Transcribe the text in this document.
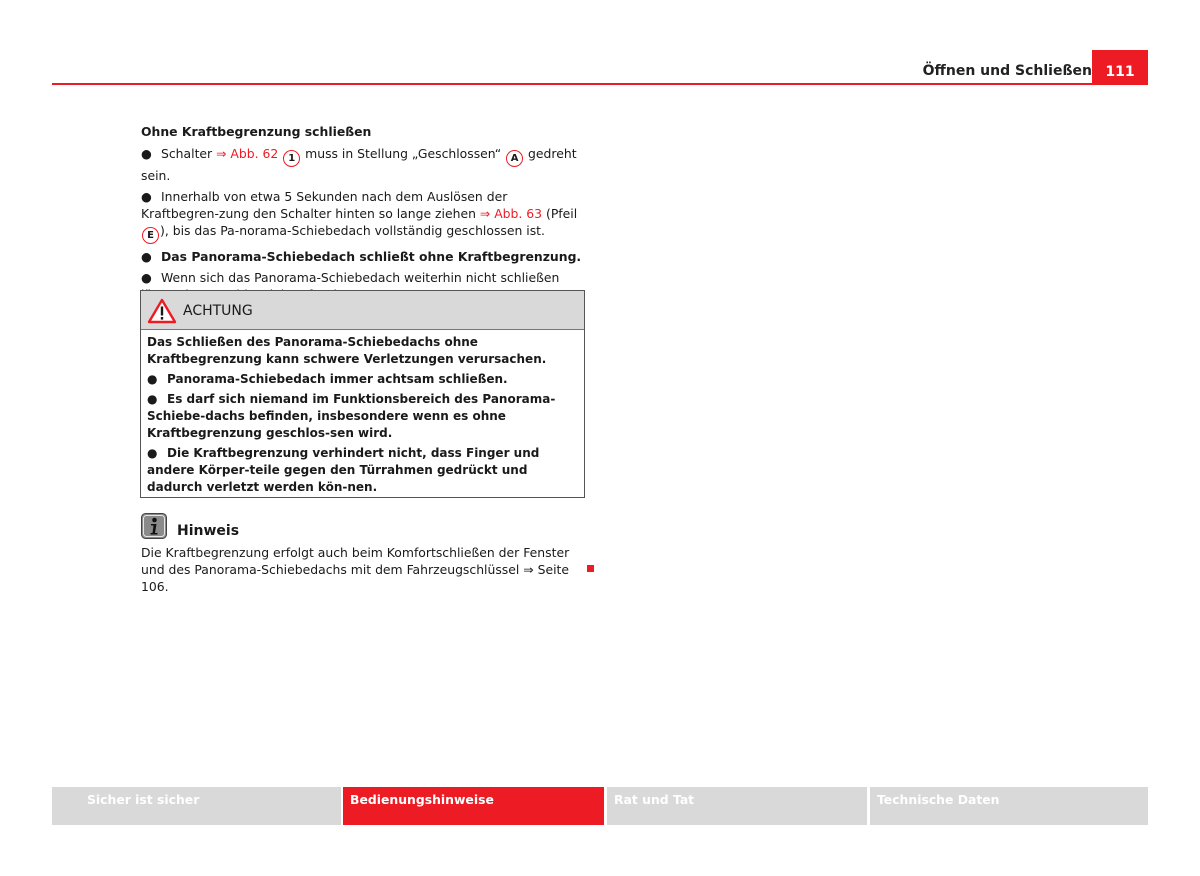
Öffnen und Schließen 111

Ohne Kraftbegrenzung schließen

● Schalter ⇒ Abb. 62 1 muss in Stellung „Geschlossen“ A gedreht sein.

● Innerhalb von etwa 5 Sekunden nach dem Auslösen der Kraftbegren-zung den Schalter hinten so lange ziehen ⇒ Abb. 63 (Pfeil E ), bis das Pa-norama-Schiebedach vollständig geschlossen ist.

● Das Panorama-Schiebedach schließt ohne Kraftbegrenzung.

● Wenn sich das Panorama-Schiebedach weiterhin nicht schließen

ACHTUNG

Das Schließen des Panorama-Schiebedachs ohne Kraftbegrenzung kann schwere Verletzungen verursachen.

● Panorama-Schiebedach immer achtsam schließen.

● Es darf sich niemand im Funktionsbereich des Panorama-Schiebe-dachs befinden, insbesondere wenn es ohne Kraftbegrenzung geschlos-sen wird.

● Die Kraftbegrenzung verhindert nicht, dass Finger und andere Körper-teile gegen den Türrahmen gedrückt und dadurch verletzt werden kön-nen.

Hinweis
Die Kraftbegrenzung erfolgt auch beim Komfortschließen der Fenster und des Panorama-Schiebedachs mit dem Fahrzeugschlüssel ⇒ Seite 106.
Sicher ist sicher	Bedienungshinweise	Rat und Tat	Technische Daten
